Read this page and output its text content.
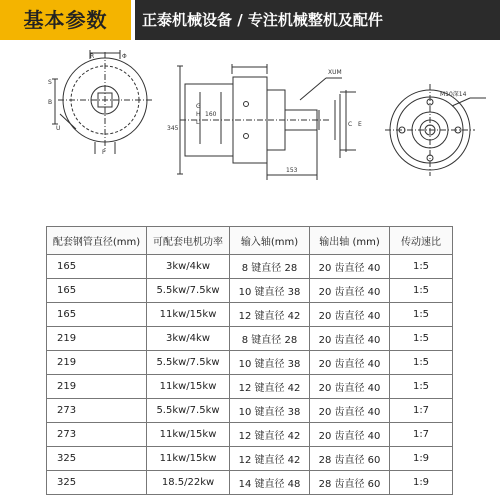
基本参数	正泰机械设备 / 专注机械整机及配件
R	Φ
S
B
U
P
G
H
L
160
345
XUM
C E
153
M10深14
配套钢管直径(mm)	可配套电机功率	输入轴(mm)	输出轴 (mm)	传动速比
165	3kw/4kw	8 键直径 28	20 齿直径 40	1:5
165	5.5kw/7.5kw	10 键直径 38	20 齿直径 40	1:5
165	11kw/15kw	12 键直径 42	20 齿直径 40	1:5
219	3kw/4kw	8 键直径 28	20 齿直径 40	1:5
219	5.5kw/7.5kw	10 键直径 38	20 齿直径 40	1:5
219	11kw/15kw	12 键直径 42	20 齿直径 40	1:5
273	5.5kw/7.5kw	10 键直径 38	20 齿直径 40	1:7
273	11kw/15kw	12 键直径 42	20 齿直径 40	1:7
325	11kw/15kw	12 键直径 42	28 齿直径 60	1:9
325	18.5/22kw	14 键直径 48	28 齿直径 60	1:9
